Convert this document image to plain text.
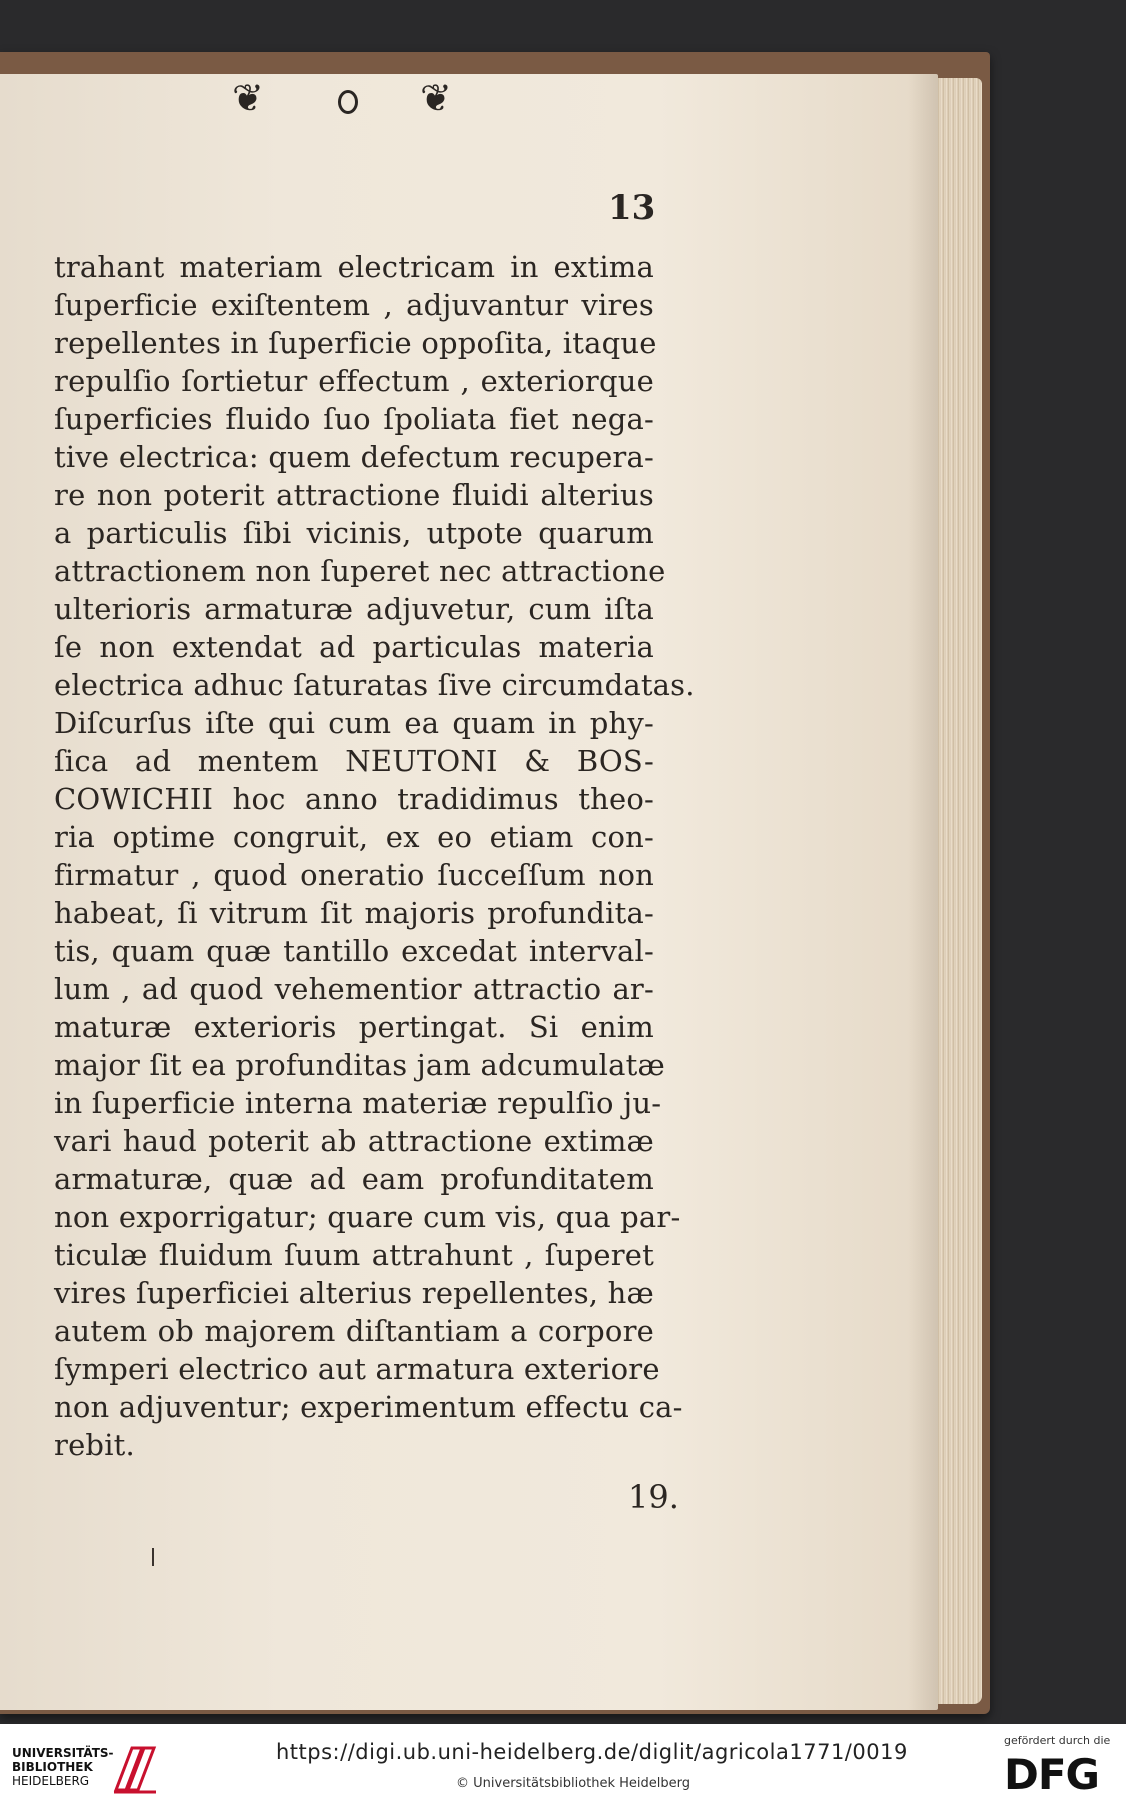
❦	❦
13
trahant materiam electricam in extima
ſuperficie exiſtentem , adjuvantur vires
repellentes in ſuperficie oppoſita, itaque
repulſio ſortietur effectum , exteriorque
ſuperficies fluido ſuo ſpoliata fiet nega-
tive electrica: quem defectum recupera-
re non poterit attractione fluidi alterius
a particulis ſibi vicinis, utpote quarum
attractionem non ſuperet nec attractione
ulterioris armaturæ adjuvetur, cum iſta
ſe non extendat ad particulas materia
electrica adhuc ſaturatas ſive circumdatas.
Diſcurſus iſte qui cum ea quam in phy-
ſica ad mentem NEUTONI & BOS-
COWICHII hoc anno tradidimus theo-
ria optime congruit, ex eo etiam con-
firmatur , quod oneratio ſucceſſum non
habeat, ſi vitrum ſit majoris profundita-
tis, quam quæ tantillo excedat interval-
lum , ad quod vehementior attractio ar-
maturæ exterioris pertingat. Si enim
major ſit ea profunditas jam adcumulatæ
in ſuperficie interna materiæ repulſio ju-
vari haud poterit ab attractione extimæ
armaturæ, quæ ad eam profunditatem
non exporrigatur; quare cum vis, qua par-
ticulæ fluidum ſuum attrahunt , ſuperet
vires ſuperficiei alterius repellentes, hæ
autem ob majorem diſtantiam a corpore
ſymperi electrico aut armatura exteriore
non adjuventur; experimentum effectu ca-
rebit.
19.
UNIVERSITÄTS-
BIBLIOTHEK
HEIDELBERG
https://digi.ub.uni-heidelberg.de/diglit/agricola1771/0019
© Universitätsbibliothek Heidelberg
gefördert durch die
DFG
